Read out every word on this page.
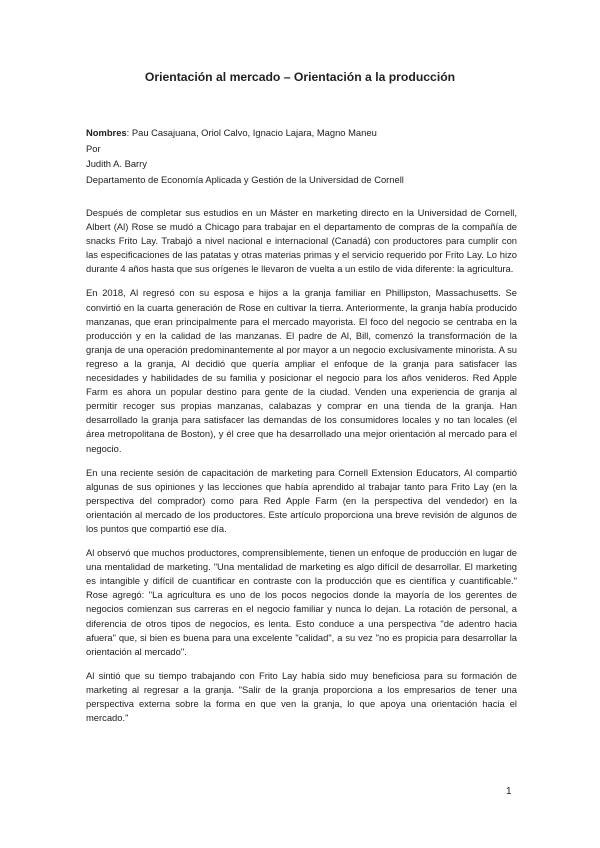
Orientación al mercado – Orientación a la producción
Nombres: Pau Casajuana, Oriol Calvo, Ignacio Lajara, Magno Maneu
Por
Judith A. Barry
Departamento de Economía Aplicada y Gestión de la Universidad de Cornell

Después de completar sus estudios en un Máster en marketing directo en la Universidad de Cornell, Albert (Al) Rose se mudó a Chicago para trabajar en el departamento de compras de la compañía de snacks Frito Lay. Trabajó a nivel nacional e internacional (Canadá) con productores para cumplir con las especificaciones de las patatas y otras materias primas y el servicio requerido por Frito Lay. Lo hizo durante 4 años hasta que sus orígenes le llevaron de vuelta a un estilo de vida diferente: la agricultura.

En 2018, Al regresó con su esposa e hijos a la granja familiar en Phillipston, Massachusetts. Se convirtió en la cuarta generación de Rose en cultivar la tierra. Anteriormente, la granja había producido manzanas, que eran principalmente para el mercado mayorista. El foco del negocio se centraba en la producción y en la calidad de las manzanas. El padre de Al, Bill, comenzó la transformación de la granja de una operación predominantemente al por mayor a un negocio exclusivamente minorista. A su regreso a la granja, Al decidió que quería ampliar el enfoque de la granja para satisfacer las necesidades y habilidades de su familia y posicionar el negocio para los años venideros. Red Apple Farm es ahora un popular destino para gente de la ciudad. Venden una experiencia de granja al permitir recoger sus propias manzanas, calabazas y comprar en una tienda de la granja. Han desarrollado la granja para satisfacer las demandas de los consumidores locales y no tan locales (el área metropolitana de Boston), y él cree que ha desarrollado una mejor orientación al mercado para el negocio.

En una reciente sesión de capacitación de marketing para Cornell Extension Educators, Al compartió algunas de sus opiniones y las lecciones que había aprendido al trabajar tanto para Frito Lay (en la perspectiva del comprador) como para Red Apple Farm (en la perspectiva del vendedor) en la orientación al mercado de los productores. Este artículo proporciona una breve revisión de algunos de los puntos que compartió ese día.

Al observó que muchos productores, comprensiblemente, tienen un enfoque de producción en lugar de una mentalidad de marketing. "Una mentalidad de marketing es algo difícil de desarrollar. El marketing es intangible y difícil de cuantificar en contraste con la producción que es científica y cuantificable." Rose agregó: "La agricultura es uno de los pocos negocios donde la mayoría de los gerentes de negocios comienzan sus carreras en el negocio familiar y nunca lo dejan. La rotación de personal, a diferencia de otros tipos de negocios, es lenta. Esto conduce a una perspectiva "de adentro hacia afuera" que, si bien es buena para una excelente "calidad", a su vez "no es propicia para desarrollar la orientación al mercado".

Al sintió que su tiempo trabajando con Frito Lay había sido muy beneficiosa para su formación de marketing al regresar a la granja. "Salir de la granja proporciona a los empresarios de tener una perspectiva externa sobre la forma en que ven la granja, lo que apoya una orientación hacia el mercado."

1
